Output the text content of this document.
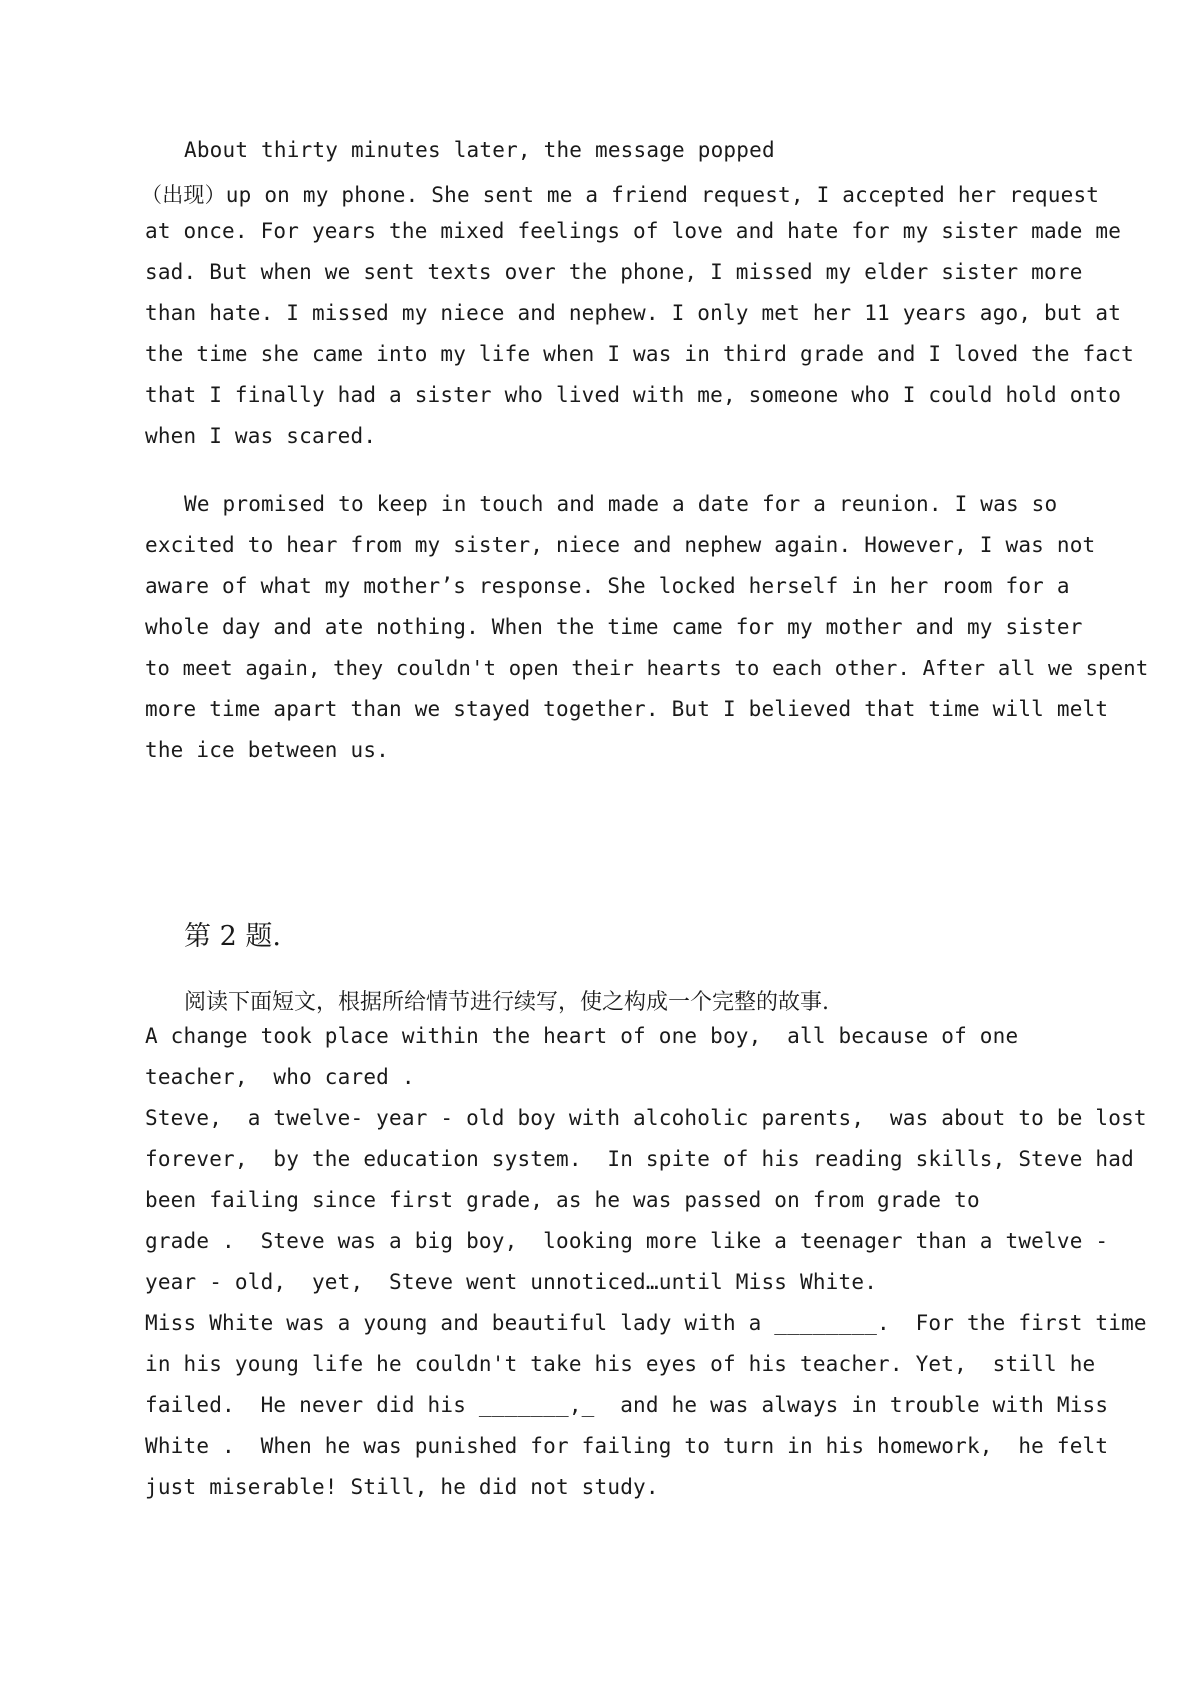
About thirty minutes later, the message popped
（出现）up on my phone. She sent me a friend request, I accepted her request
at once. For years the mixed feelings of love and hate for my sister made me
sad. But when we sent texts over the phone, I missed my elder sister more
than hate. I missed my niece and nephew. I only met her 11 years ago, but at
the time she came into my life when I was in third grade and I loved the fact
that I finally had a sister who lived with me, someone who I could hold onto
when I was scared.
We promised to keep in touch and made a date for a reunion. I was so
excited to hear from my sister, niece and nephew again. However, I was not
aware of what my mother’s response. She locked herself in her room for a
whole day and ate nothing. When the time came for my mother and my sister
to meet again, they couldn't open their hearts to each other. After all we spent
more time apart than we stayed together. But I believed that time will melt
the ice between us.
第 2 题.
阅读下面短文，根据所给情节进行续写，使之构成一个完整的故事.
A change took place within the heart of one boy,  all because of one
teacher,  who cared .
Steve,  a twelve- year - old boy with alcoholic parents,  was about to be lost
forever,  by the education system.  In spite of his reading skills, Steve had
been failing since first grade, as he was passed on from grade to
grade .  Steve was a big boy,  looking more like a teenager than a twelve -
year - old,  yet,  Steve went unnoticed…until Miss White.
Miss White was a young and beautiful lady with a ________.  For the first time
in his young life he couldn't take his eyes of his teacher. Yet,  still he
failed.  He never did his _______,_  and he was always in trouble with Miss
White .  When he was punished for failing to turn in his homework,  he felt
just miserable! Still, he did not study.
